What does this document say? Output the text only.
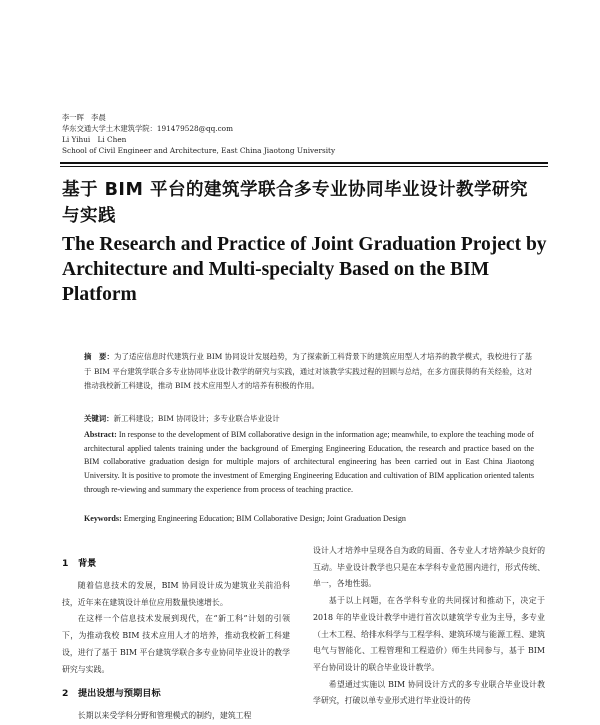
李一晖　李晨
华东交通大学土木建筑学院：191479528@qq.com
Li Yihui　Li Chen
School of Civil Engineer and Architecture, East China Jiaotong University
基于 BIM 平台的建筑学联合多专业协同毕业设计教学研究与实践
The Research and Practice of Joint Graduation Project by Architecture and Multi-specialty Based on the BIM Platform
摘　要：为了适应信息时代建筑行业 BIM 协同设计发展趋势，为了探索新工科背景下的建筑应用型人才培养的教学模式，我校进行了基于 BIM 平台建筑学联合多专业协同毕业设计教学的研究与实践，通过对该教学实践过程的回顾与总结，在多方面获得的有关经验，这对推动我校新工科建设，推动 BIM 技术应用型人才的培养有积极的作用。
关键词：新工科建设；BIM 协同设计；多专业联合毕业设计
Abstract: In response to the development of BIM collaborative design in the information age; meanwhile, to explore the teaching mode of architectural applied talents training under the background of Emerging Engineering Education, the research and practice based on the BIM collaborative graduation design for multiple majors of architectural engineering has been carried out in East China Jiaotong University. It is positive to promote the investment of Emerging Engineering Education and cultivation of BIM application oriented talents through re-viewing and summary the experience from process of teaching practice.
Keywords: Emerging Engineering Education; BIM Collaborative Design; Joint Graduation Design
1 背景

随着信息技术的发展，BIM 协同设计成为建筑业关前沿科技，近年来在建筑设计单位应用数量快速增长。

在这样一个信息技术发展到现代，在“新工科”计划的引领下，为推动我校 BIM 技术应用人才的培养，推动我校新工科建设，进行了基于 BIM 平台建筑学联合多专业协同毕业设计的教学研究与实践。

2 提出设想与预期目标

长期以来受学科分野和管理模式的制约，建筑工程

设计人才培养中呈现各自为政的局面、各专业人才培养缺少良好的互动。毕业设计教学也只是在本学科专业范围内进行，形式传统、单一，各地性弱。

基于以上问题，在各学科专业的共同探讨和推动下，决定于 2018 年的毕业设计教学中进行首次以建筑学专业为主导，多专业（土木工程、给排水科学与工程学科、建筑环境与能源工程、建筑电气与智能化、工程管理和工程造价）师生共同参与，基于 BIM 平台协同设计的联合毕业设计教学。

希望通过实施以 BIM 协同设计方式的多专业联合毕业设计教学研究，打破以单专业形式进行毕业设计的传
